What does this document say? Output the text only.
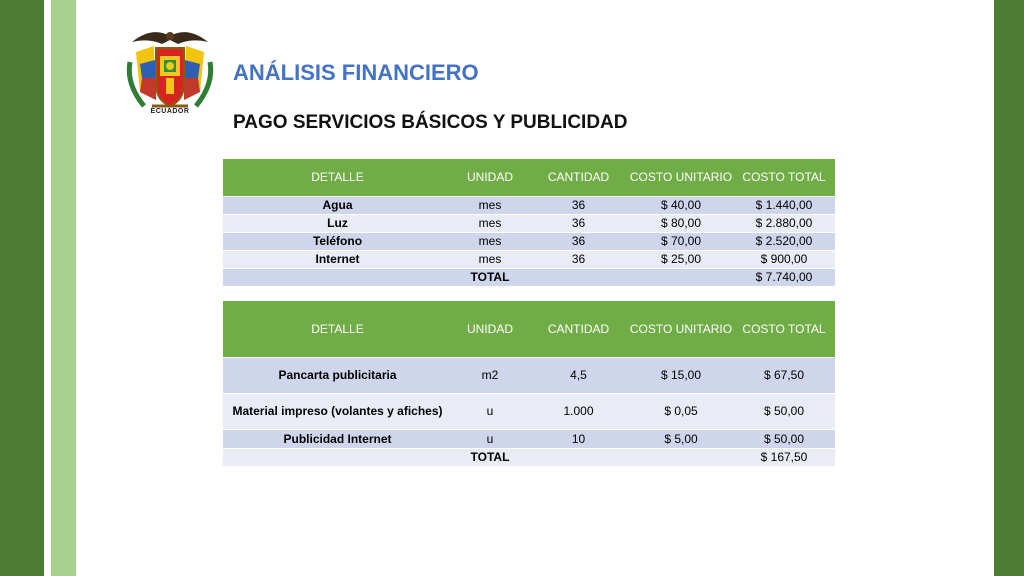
ECUADOR
ANÁLISIS FINANCIERO
PAGO SERVICIOS BÁSICOS Y PUBLICIDAD
DETALLE	UNIDAD	CANTIDAD	COSTO UNITARIO	COSTO TOTAL
Agua	mes	36	$ 40,00	$ 1.440,00
Luz	mes	36	$ 80,00	$ 2.880,00
Teléfono	mes	36	$ 70,00	$ 2.520,00
Internet	mes	36	$ 25,00	$ 900,00
	TOTAL			$ 7.740,00
DETALLE	UNIDAD	CANTIDAD	COSTO UNITARIO	COSTO TOTAL
Pancarta publicitaria	m2	4,5	$ 15,00	$ 67,50
Material impreso (volantes y afiches)	u	1.000	$ 0,05	$ 50,00
Publicidad Internet	u	10	$ 5,00	$ 50,00
	TOTAL			$ 167,50
